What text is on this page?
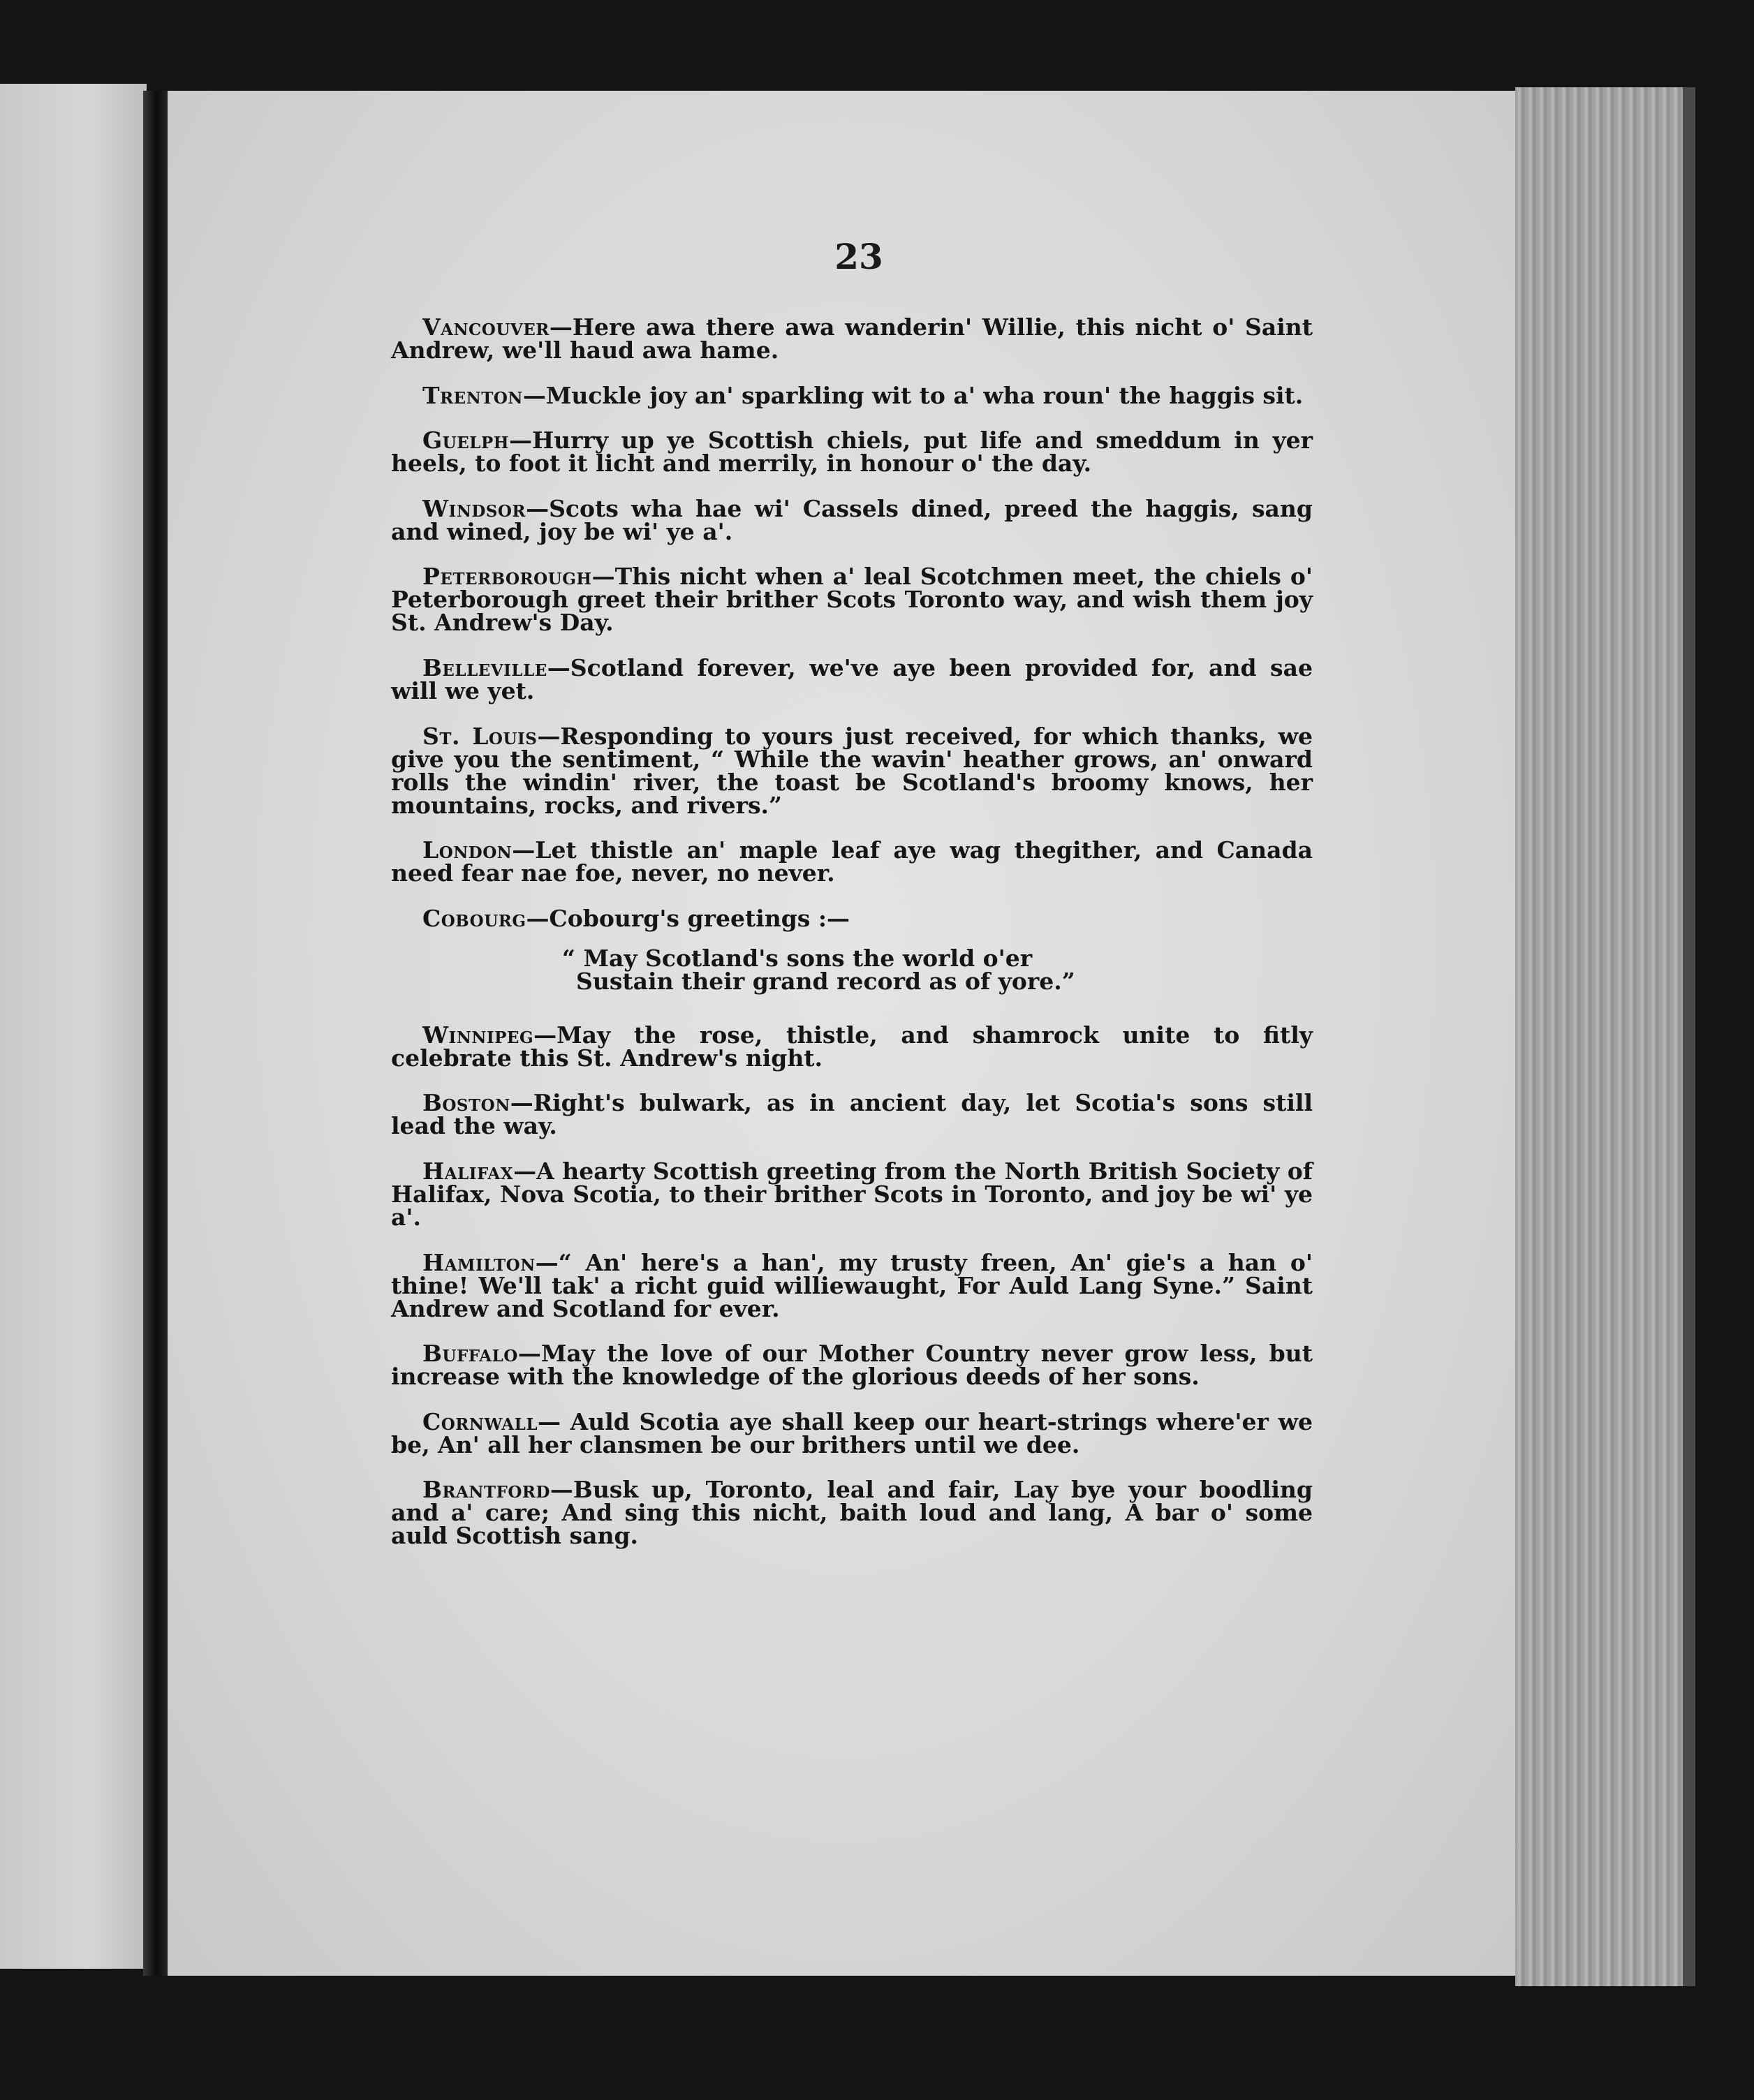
23

Vancouver—Here awa there awa wanderin' Willie, this nicht o' Saint Andrew, we'll haud awa hame.

Trenton—Muckle joy an' sparkling wit to a' wha roun' the haggis sit.

Guelph—Hurry up ye Scottish chiels, put life and smeddum in yer heels, to foot it licht and merrily, in honour o' the day.

Windsor—Scots wha hae wi' Cassels dined, preed the haggis, sang and wined, joy be wi' ye a'.

Peterborough—This nicht when a' leal Scotchmen meet, the chiels o' Peterborough greet their brither Scots Toronto way, and wish them joy St. Andrew's Day.

Belleville—Scotland forever, we've aye been provided for, and sae will we yet.

St. Louis—Responding to yours just received, for which thanks, we give you the sentiment, “ While the wavin' heather grows, an' onward rolls the windin' river, the toast be Scotland's broomy knows, her mountains, rocks, and rivers.”

London—Let thistle an' maple leaf aye wag thegither, and Canada need fear nae foe, never, no never.

Cobourg—Cobourg's greetings :—

“ May Scotland's sons the world o'er
Sustain their grand record as of yore.”

Winnipeg—May the rose, thistle, and shamrock unite to fitly celebrate this St. Andrew's night.

Boston—Right's bulwark, as in ancient day, let Scotia's sons still lead the way.

Halifax—A hearty Scottish greeting from the North British Society of Halifax, Nova Scotia, to their brither Scots in Toronto, and joy be wi' ye a'.

Hamilton—“ An' here's a han', my trusty freen, An' gie's a han o' thine! We'll tak' a richt guid williewaught, For Auld Lang Syne.” Saint Andrew and Scotland for ever.

Buffalo—May the love of our Mother Country never grow less, but increase with the knowledge of the glorious deeds of her sons.

Cornwall— Auld Scotia aye shall keep our heart-strings where'er we be, An' all her clansmen be our brithers until we dee.

Brantford—Busk up, Toronto, leal and fair, Lay bye your boodling and a' care; And sing this nicht, baith loud and lang, A bar o' some auld Scottish sang.
